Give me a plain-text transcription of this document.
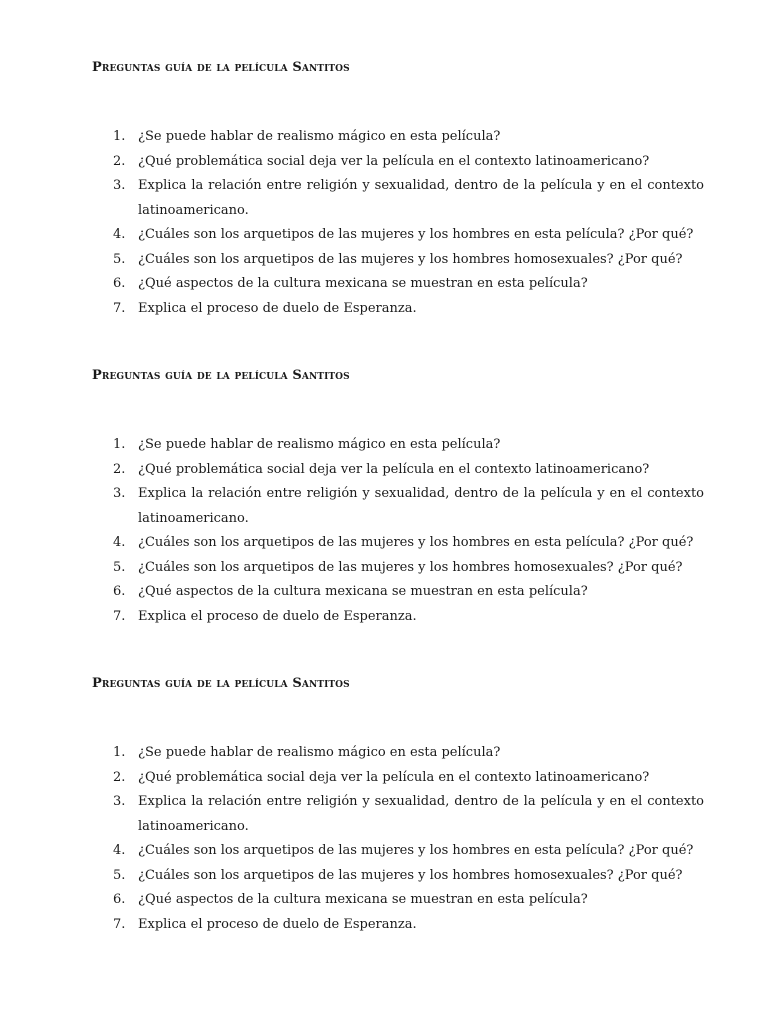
Preguntas guía de la película Santitos
1. ¿Se puede hablar de realismo mágico en esta película?
2. ¿Qué problemática social deja ver la película en el contexto latinoamericano?
3. Explica la relación entre religión y sexualidad, dentro de la película y en el contexto latinoamericano.
4. ¿Cuáles son los arquetipos de las mujeres y los hombres en esta película? ¿Por qué?
5. ¿Cuáles son los arquetipos de las mujeres y los hombres homosexuales? ¿Por qué?
6. ¿Qué aspectos de la cultura mexicana se muestran en esta película?
7. Explica el proceso de duelo de Esperanza.
Preguntas guía de la película Santitos
1. ¿Se puede hablar de realismo mágico en esta película?
2. ¿Qué problemática social deja ver la película en el contexto latinoamericano?
3. Explica la relación entre religión y sexualidad, dentro de la película y en el contexto latinoamericano.
4. ¿Cuáles son los arquetipos de las mujeres y los hombres en esta película? ¿Por qué?
5. ¿Cuáles son los arquetipos de las mujeres y los hombres homosexuales? ¿Por qué?
6. ¿Qué aspectos de la cultura mexicana se muestran en esta película?
7. Explica el proceso de duelo de Esperanza.
Preguntas guía de la película Santitos
1. ¿Se puede hablar de realismo mágico en esta película?
2. ¿Qué problemática social deja ver la película en el contexto latinoamericano?
3. Explica la relación entre religión y sexualidad, dentro de la película y en el contexto latinoamericano.
4. ¿Cuáles son los arquetipos de las mujeres y los hombres en esta película? ¿Por qué?
5. ¿Cuáles son los arquetipos de las mujeres y los hombres homosexuales? ¿Por qué?
6. ¿Qué aspectos de la cultura mexicana se muestran en esta película?
7. Explica el proceso de duelo de Esperanza.
